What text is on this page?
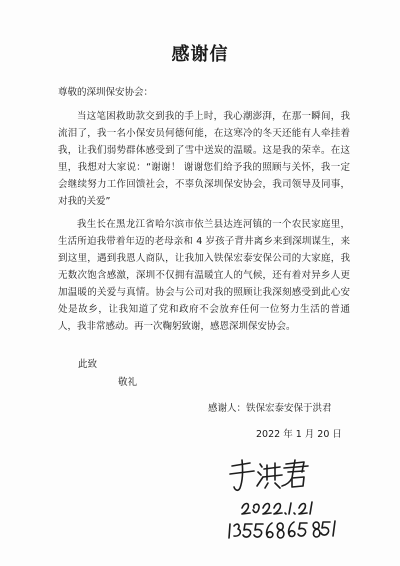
感谢信
尊敬的深圳保安协会：

当这笔困救助款交到我的手上时，我心潮澎湃，在那一瞬间，我流泪了，我一名小保安员何德何能，在这寒冷的冬天还能有人牵挂着我，让我们弱势群体感受到了雪中送炭的温暖。这是我的荣幸。在这里，我想对大家说：“谢谢！ 谢谢您们给予我的照顾与关怀，我一定会继续努力工作回馈社会，不辜负深圳保安协会，我司领导及同事，对我的关爱”

我生长在黑龙江省哈尔滨市依兰县达连河镇的一个农民家庭里，生活所迫我带着年迈的老母亲和 4 岁孩子背井离乡来到深圳谋生，来到这里，遇到我恩人商队，让我加入铁保宏泰安保公司的大家庭，我无数次饱含感激，深圳不仅拥有温暖宜人的气候，还有着对异乡人更加温暖的关爱与真情。协会与公司对我的照顾让我深刻感受到此心安处是故乡，让我知道了党和政府不会放弃任何一位努力生活的普通人，我非常感动。再一次鞠躬致谢，感恩深圳保安协会。

此致
敬礼
感谢人：铁保宏泰安保于洪君
2022 年 1 月 20 日
